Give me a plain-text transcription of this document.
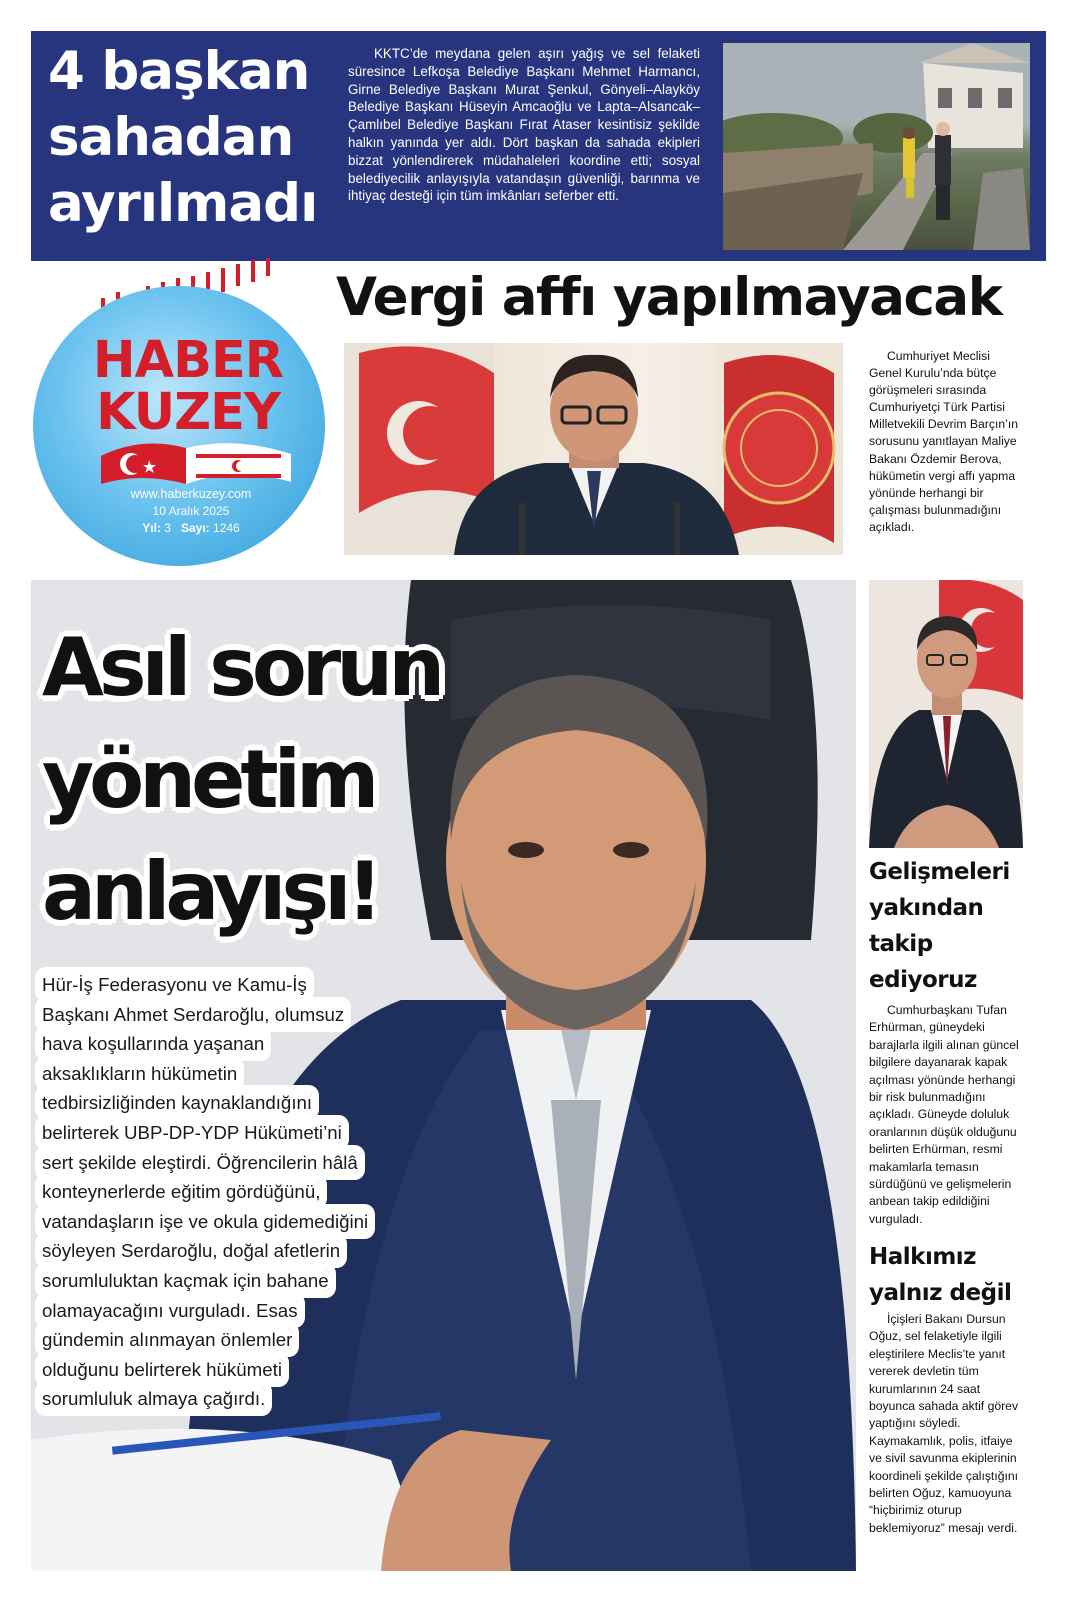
4 başkan
sahadan
ayrılmadı

KKTC’de meydana gelen aşırı yağış ve sel felaketi süresince Lefkoşa Belediye Başkanı Mehmet Harmancı, Girne Belediye Başkanı Murat Şenkul, Gönyeli–Alayköy Belediye Başkanı Hüseyin Amcaoğlu ve Lapta–Alsancak–Çamlıbel Belediye Başkanı Fırat Ataser kesintisiz şekilde halkın yanında yer aldı. Dört başkan da sahada ekipleri bizzat yönlendirerek müdahaleleri koordine etti; sosyal belediyecilik anlayışıyla vatandaşın güvenliği, barınma ve ihtiyaç desteği için tüm imkânları seferber etti.

HABER
KUZEY
www.haberkuzey.com
10 Aralık 2025
Yıl: 3 Sayı: 1246
Vergi affı yapılmayacak

Cumhuriyet Meclisi Genel Kurulu’nda bütçe görüşmeleri sırasında Cumhuriyetçi Türk Partisi Milletvekili Devrim Barçın’ın sorusunu yanıtlayan Maliye Bakanı Özdemir Berova, hükümetin vergi affı yapma yönünde herhangi bir çalışması bulunmadığını açıkladı.

Asıl sorun
yönetim
anlayışı!

Hür-İş Federasyonu ve Kamu-İş Başkanı Ahmet Serdaroğlu, olumsuz hava koşullarında yaşanan aksaklıkların hükümetin tedbirsizliğinden kaynaklandığını belirterek UBP-DP-YDP Hükümeti’ni sert şekilde eleştirdi. Öğrencilerin hâlâ konteynerlerde eğitim gördüğünü, vatandaşların işe ve okula gidemediğini söyleyen Serdaroğlu, doğal afetlerin sorumluluktan kaçmak için bahane olamayacağını vurguladı. Esas gündemin alınmayan önlemler olduğunu belirterek hükümeti sorumluluk almaya çağırdı.

Gelişmeleri yakından takip ediyoruz

Cumhurbaşkanı Tufan Erhürman, güneydeki barajlarla ilgili alınan güncel bilgilere dayanarak kapak açılması yönünde herhangi bir risk bulunmadığını açıkladı. Güneyde doluluk oranlarının düşük olduğunu belirten Erhürman, resmi makamlarla temasın sürdüğünü ve gelişmelerin anbean takip edildiğini vurguladı.

Halkımız yalnız değil

İçişleri Bakanı Dursun Oğuz, sel felaketiyle ilgili eleştirilere Meclis’te yanıt vererek devletin tüm kurumlarının 24 saat boyunca sahada aktif görev yaptığını söyledi. Kaymakamlık, polis, itfaiye ve sivil savunma ekiplerinin koordineli şekilde çalıştığını belirten Oğuz, kamuoyuna “hiçbirimiz oturup beklemiyoruz” mesajı verdi.
